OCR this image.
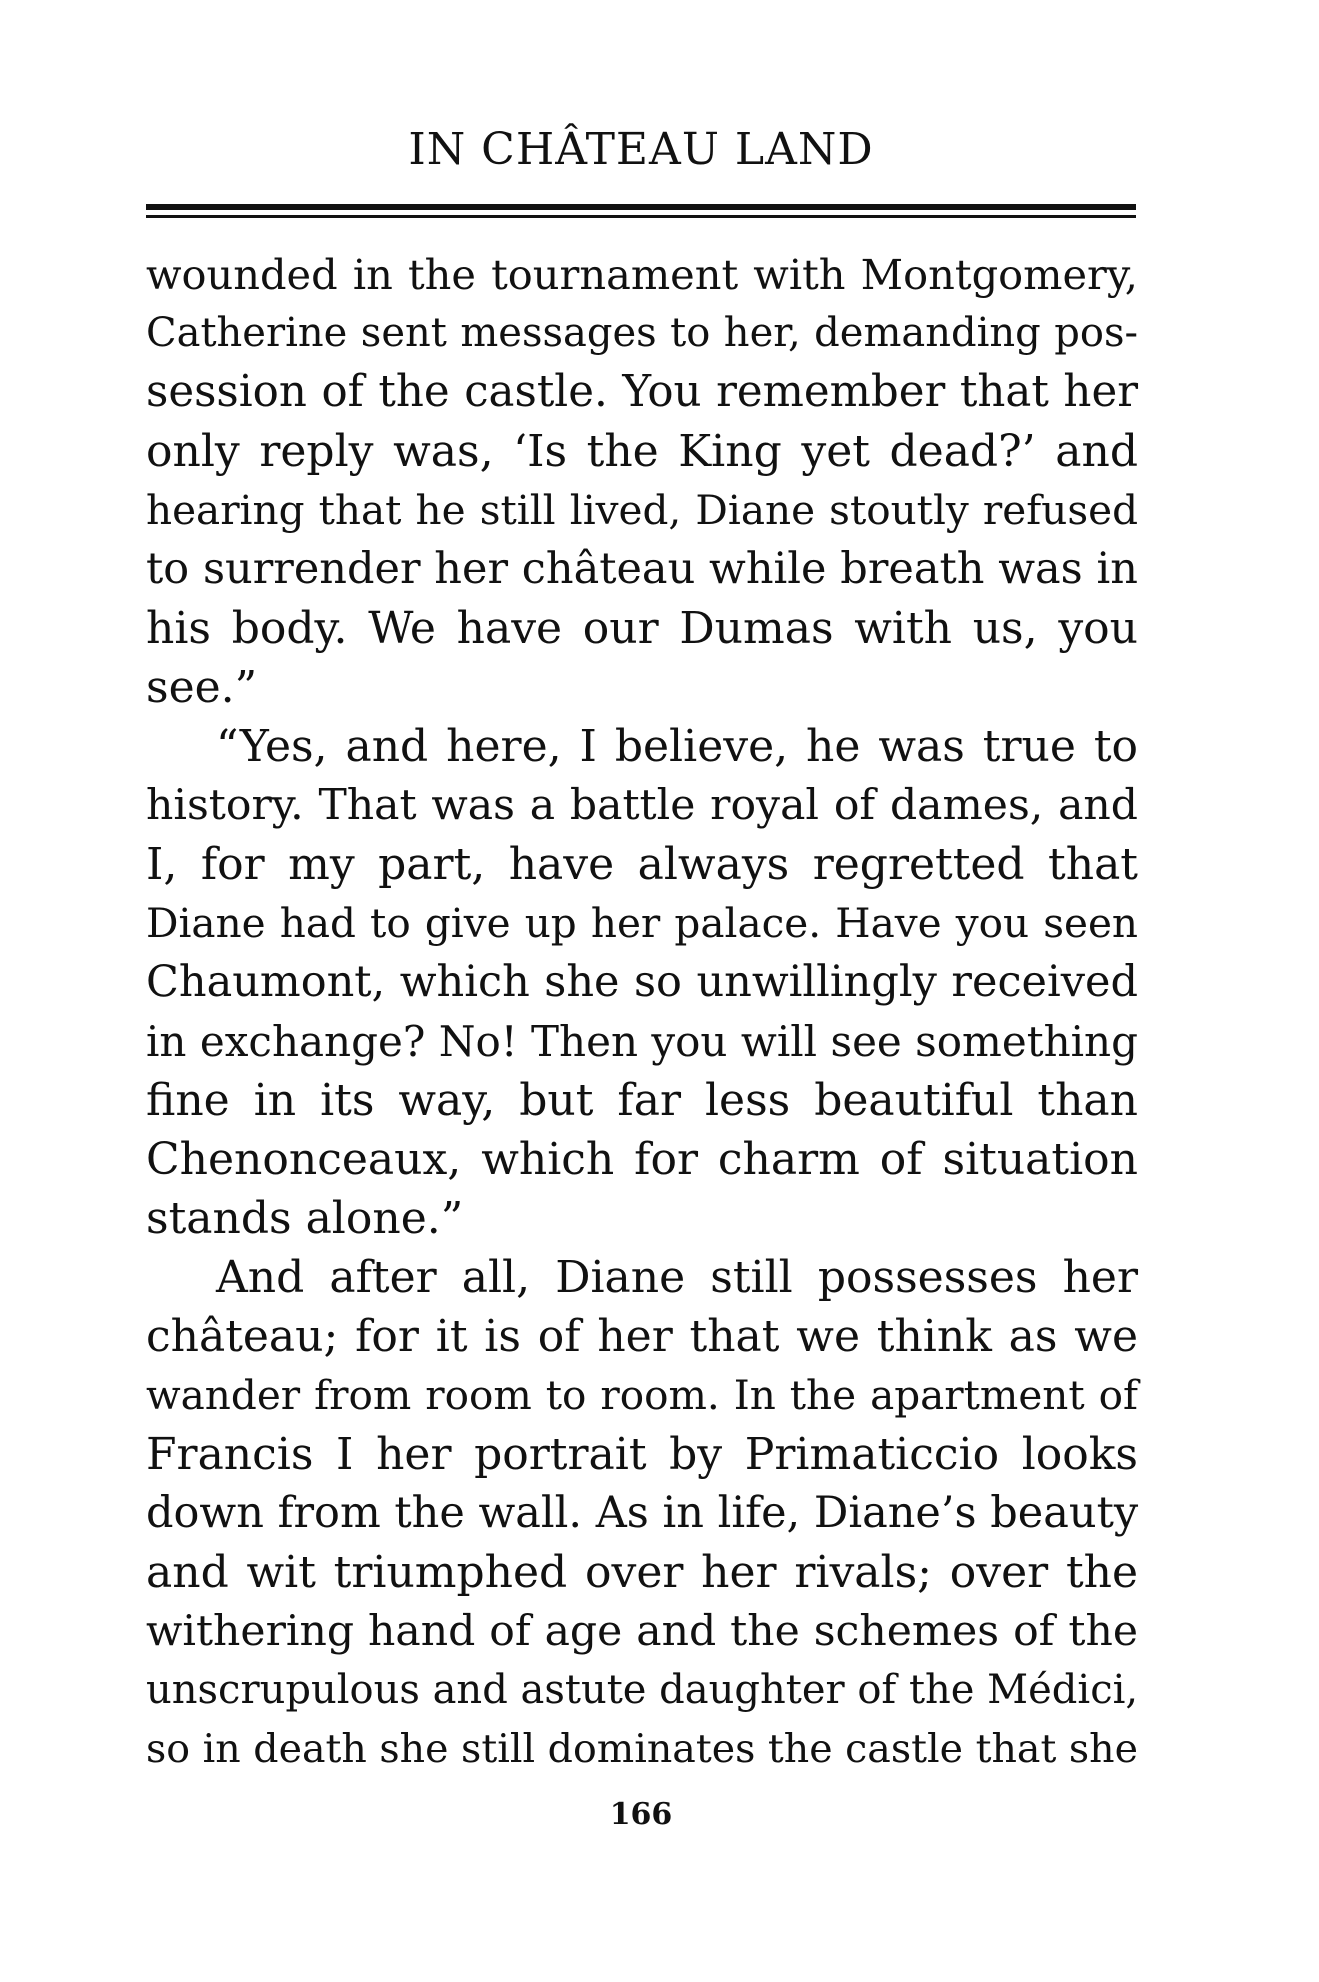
IN CHÂTEAU LAND
wounded in the tournament with Montgomery,
Catherine sent messages to her, demanding pos-
session of the castle. You remember that her
only reply was, ‘Is the King yet dead?’ and
hearing that he still lived, Diane stoutly refused
to surrender her château while breath was in
his body. We have our Dumas with us, you
see.”
“Yes, and here, I believe, he was true to
history. That was a battle royal of dames, and
I, for my part, have always regretted that
Diane had to give up her palace. Have you seen
Chaumont, which she so unwillingly received
in exchange? No! Then you will see something
fine in its way, but far less beautiful than
Chenonceaux, which for charm of situation
stands alone.”
And after all, Diane still possesses her
château; for it is of her that we think as we
wander from room to room. In the apartment of
Francis I her portrait by Primaticcio looks
down from the wall. As in life, Diane’s beauty
and wit triumphed over her rivals; over the
withering hand of age and the schemes of the
unscrupulous and astute daughter of the Médici,
so in death she still dominates the castle that she
166
